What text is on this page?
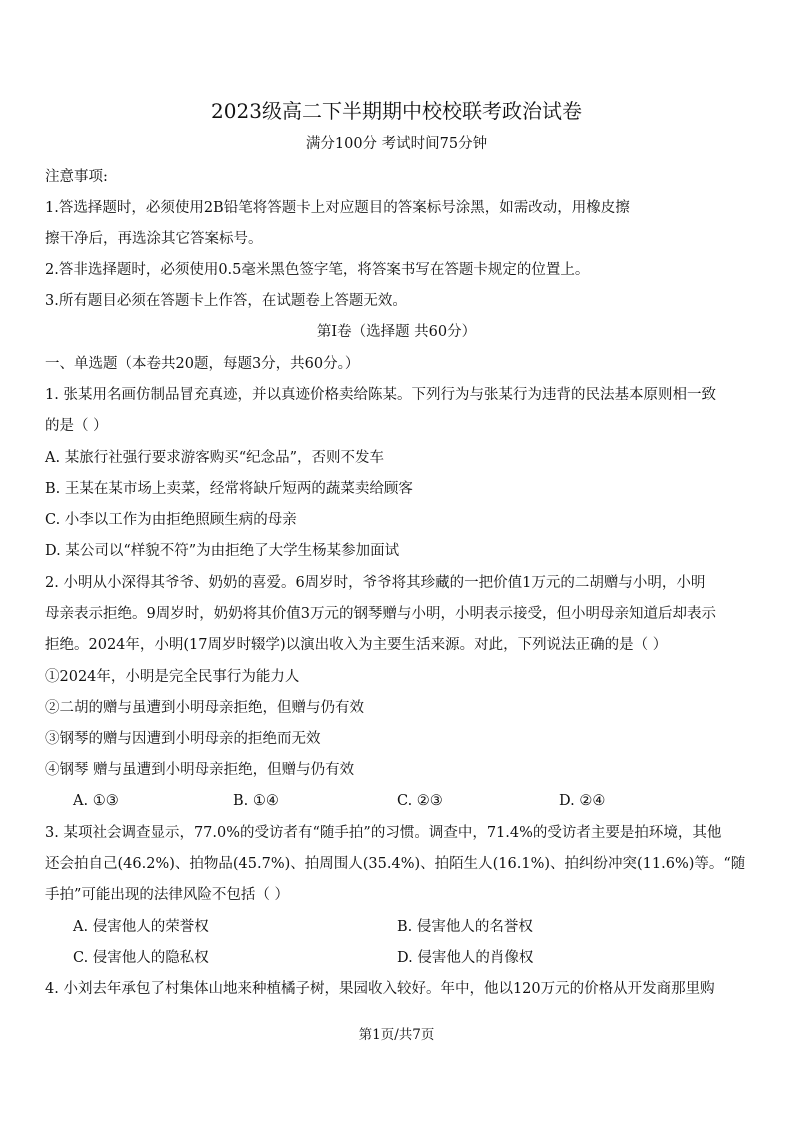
2023级高二下半期期中校校联考政治试卷
满分100分 考试时间75分钟
注意事项:
1.答选择题时，必须使用2B铅笔将答题卡上对应题目的答案标号涂黑，如需改动，用橡皮擦
擦干净后，再选涂其它答案标号。
2.答非选择题时，必须使用0.5毫米黑色签字笔，将答案书写在答题卡规定的位置上。
3.所有题目必须在答题卡上作答，在试题卷上答题无效。
第Ⅰ卷（选择题 共60分）
一、单选题（本卷共20题，每题3分，共60分。）
1. 张某用名画仿制品冒充真迹，并以真迹价格卖给陈某。下列行为与张某行为违背的民法基本原则相一致
的是（ ）
A. 某旅行社强行要求游客购买“纪念品”，否则不发车
B. 王某在某市场上卖菜，经常将缺斤短两的蔬菜卖给顾客
C. 小李以工作为由拒绝照顾生病的母亲
D. 某公司以“样貌不符”为由拒绝了大学生杨某参加面试
2. 小明从小深得其爷爷、奶奶的喜爱。6周岁时，爷爷将其珍藏的一把价值1万元的二胡赠与小明，小明
母亲表示拒绝。9周岁时，奶奶将其价值3万元的钢琴赠与小明，小明表示接受，但小明母亲知道后却表示
拒绝。2024年，小明(17周岁时辍学)以演出收入为主要生活来源。对此，下列说法正确的是（ ）
①2024年，小明是完全民事行为能力人
②二胡的赠与虽遭到小明母亲拒绝，但赠与仍有效
③钢琴的赠与因遭到小明母亲的拒绝而无效
④钢琴 赠与虽遭到小明母亲拒绝，但赠与仍有效
A. ①③	B. ①④	C. ②③	D. ②④
3. 某项社会调查显示，77.0%的受访者有“随手拍”的习惯。调查中，71.4%的受访者主要是拍环境，其他
还会拍自己(46.2%)、拍物品(45.7%)、拍周围人(35.4%)、拍陌生人(16.1%)、拍纠纷冲突(11.6%)等。“随
手拍”可能出现的法律风险不包括（ ）
A. 侵害他人的荣誉权	B. 侵害他人的名誉权
C. 侵害他人的隐私权	D. 侵害他人的肖像权
4. 小刘去年承包了村集体山地来种植橘子树，果园收入较好。年中，他以120万元的价格从开发商那里购
第1页/共7页
